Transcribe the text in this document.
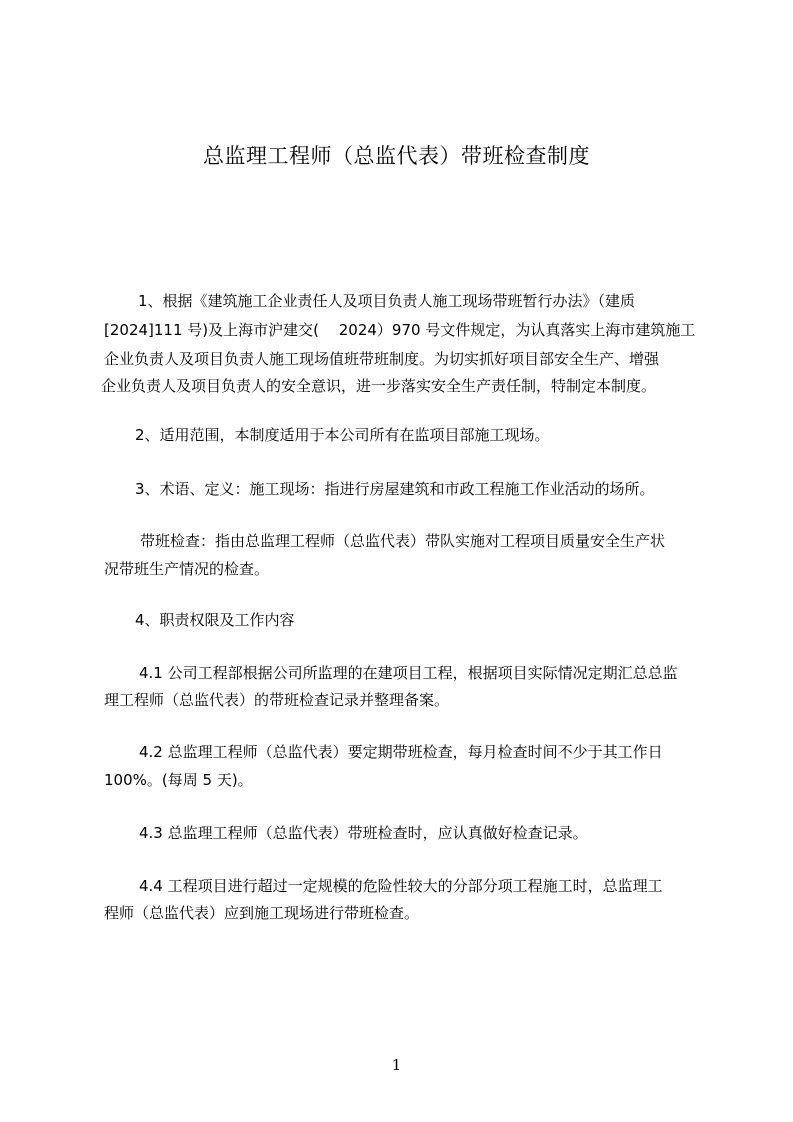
总监理工程师（总监代表）带班检查制度
1、根据《建筑施工企业责任人及项目负责人施工现场带班暂行办法》（建质
[2024]111 号)及上海市沪建交(　 2024）970 号文件规定，为认真落实上海市建筑施工
企业负责人及项目负责人施工现场值班带班制度。为切实抓好项目部安全生产、增强
企业负责人及项目负责人的安全意识，进一步落实安全生产责任制，特制定本制度。
2、适用范围，本制度适用于本公司所有在监项目部施工现场。
3、术语、定义：施工现场：指进行房屋建筑和市政工程施工作业活动的场所。
带班检查：指由总监理工程师（总监代表）带队实施对工程项目质量安全生产状
况带班生产情况的检查。
4、职责权限及工作内容
4.1 公司工程部根据公司所监理的在建项目工程，根据项目实际情况定期汇总总监
理工程师（总监代表）的带班检查记录并整理备案。
4.2 总监理工程师（总监代表）要定期带班检查，每月检查时间不少于其工作日
100%。(每周 5 天)。
4.3 总监理工程师（总监代表）带班检查时，应认真做好检查记录。
4.4 工程项目进行超过一定规模的危险性较大的分部分项工程施工时，总监理工
程师（总监代表）应到施工现场进行带班检查。
1
